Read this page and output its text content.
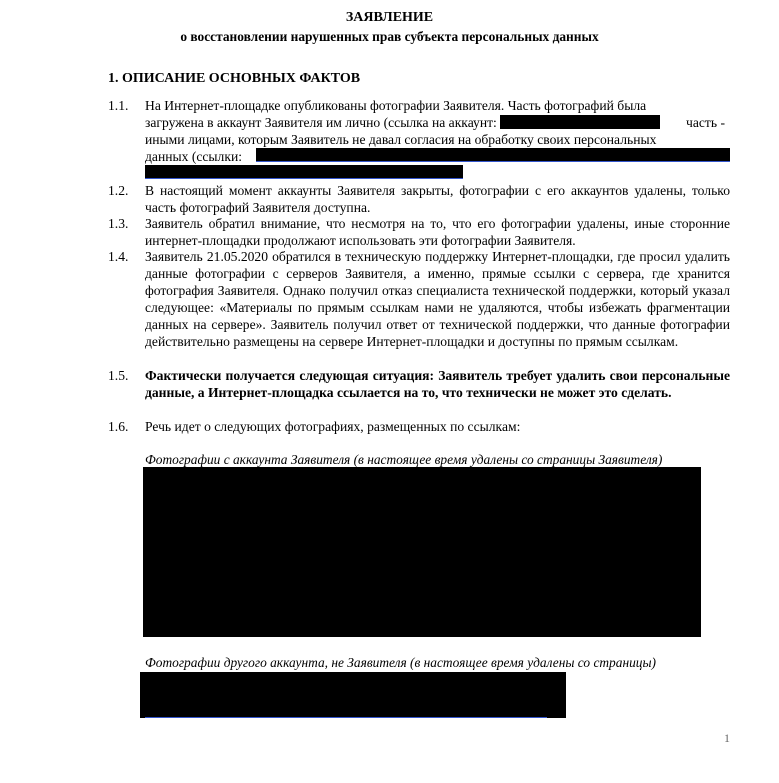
ЗАЯВЛЕНИЕ
о восстановлении нарушенных прав субъекта персональных данных
1. ОПИСАНИЕ ОСНОВНЫХ ФАКТОВ
1.1. На Интернет-площадке опубликованы фотографии Заявителя. Часть фотографий была
загружена в аккаунт Заявителя им лично (ссылка на аккаунт:	часть -
иными лицами, которым Заявитель не давал согласия на обработку своих персональных
данных (ссылки:
1.2. В настоящий момент аккаунты Заявителя закрыты, фотографии с его аккаунтов удалены, только часть фотографий Заявителя доступна.
1.3. Заявитель обратил внимание, что несмотря на то, что его фотографии удалены, иные сторонние интернет-площадки продолжают использовать эти фотографии Заявителя.
1.4. Заявитель 21.05.2020 обратился в техническую поддержку Интернет-площадки, где просил удалить данные фотографии с серверов Заявителя, а именно, прямые ссылки с сервера, где хранится фотография Заявителя. Однако получил отказ специалиста технической поддержки, который указал следующее: «Материалы по прямым ссылкам нами не удаляются, чтобы избежать фрагментации данных на сервере». Заявитель получил ответ от технической поддержки, что данные фотографии действительно размещены на сервере Интернет-площадки и доступны по прямым ссылкам.
1.5. Фактически получается следующая ситуация: Заявитель требует удалить свои персональные данные, а Интернет-площадка ссылается на то, что технически не может это сделать.
1.6. Речь идет о следующих фотографиях, размещенных по ссылкам:
Фотографии с аккаунта Заявителя (в настоящее время удалены со страницы Заявителя)
Фотографии другого аккаунта, не Заявителя (в настоящее время удалены со страницы)
1
